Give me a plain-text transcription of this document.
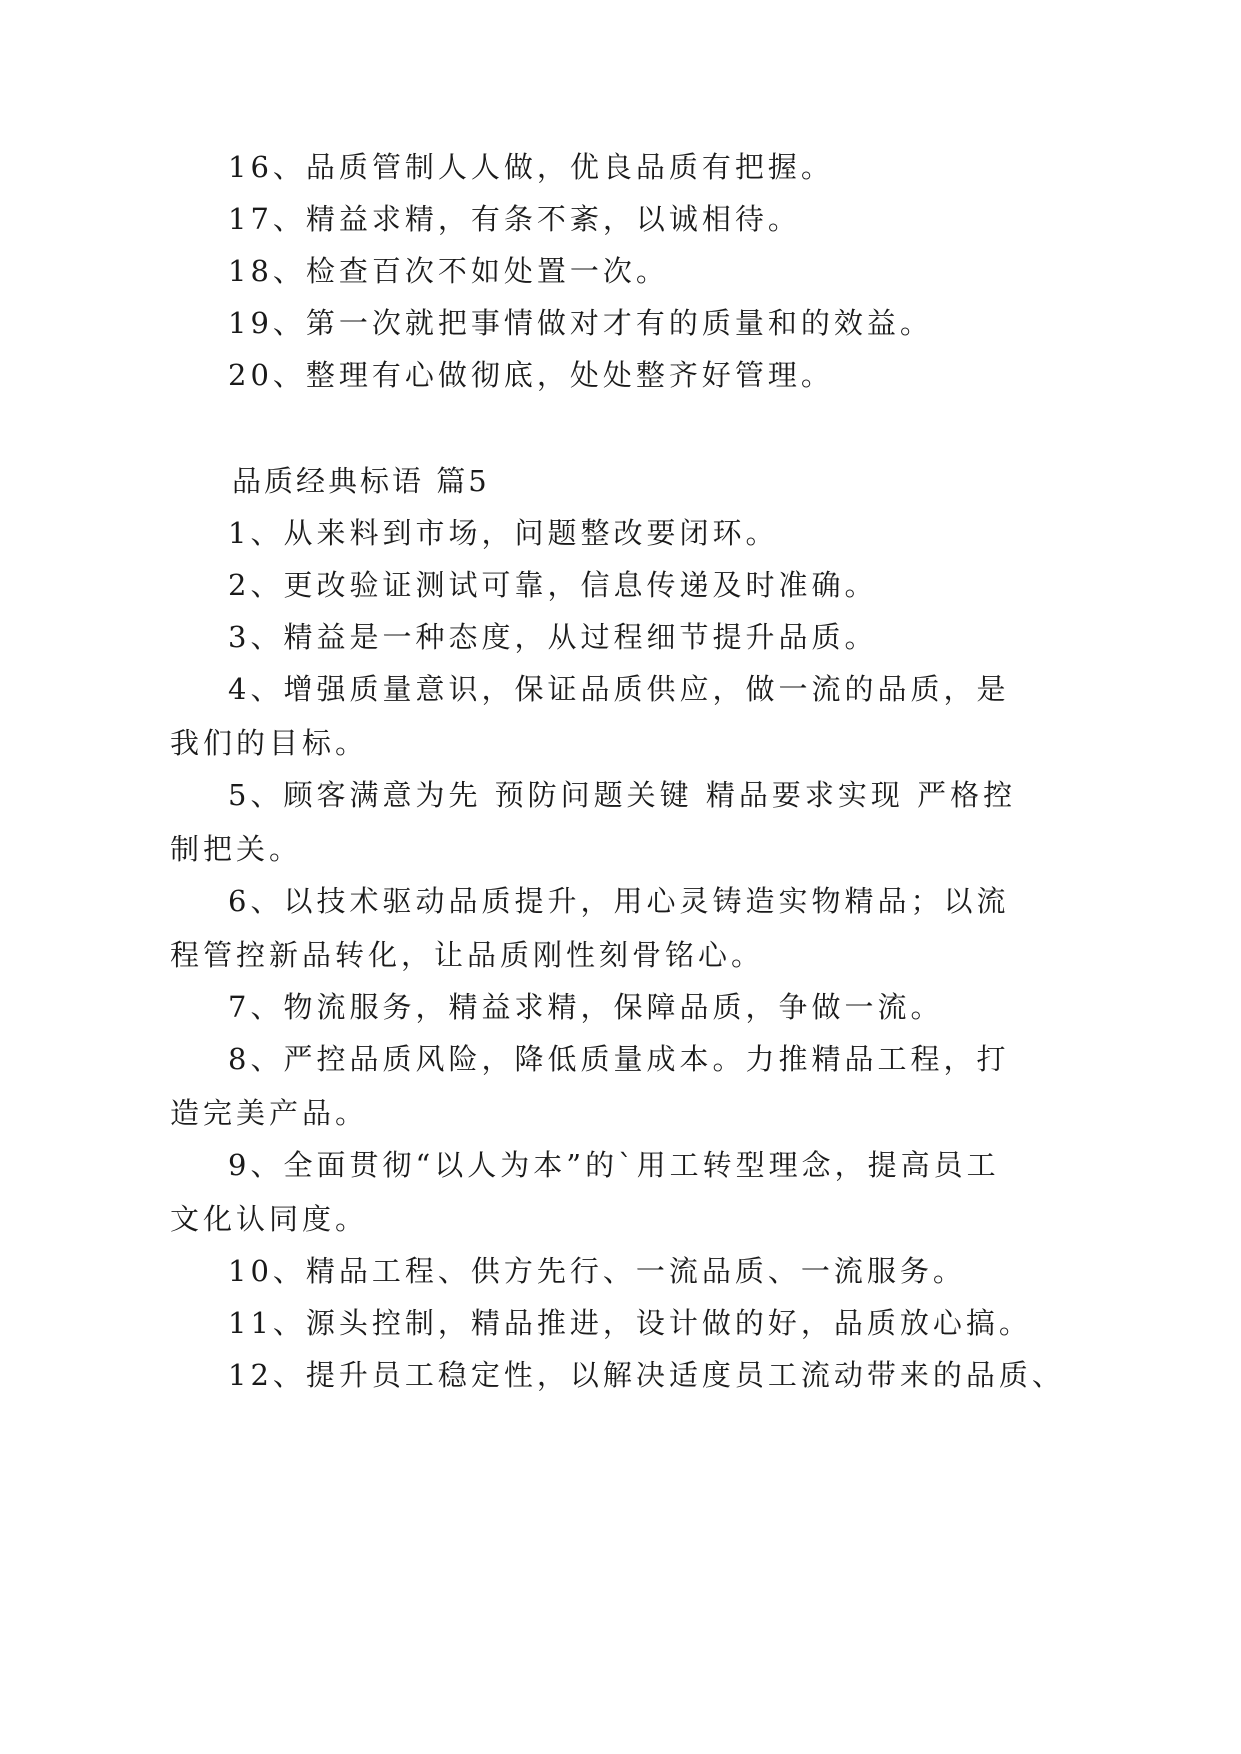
16、品质管制人人做，优良品质有把握。
17、精益求精，有条不紊，以诚相待。
18、检查百次不如处置一次。
19、第一次就把事情做对才有的质量和的效益。
20、整理有心做彻底，处处整齐好管理。
品质经典标语 篇5
1、从来料到市场，问题整改要闭环。
2、更改验证测试可靠，信息传递及时准确。
3、精益是一种态度，从过程细节提升品质。
4、增强质量意识，保证品质供应，做一流的品质，是
我们的目标。
5、顾客满意为先 预防问题关键 精品要求实现 严格控
制把关。
6、以技术驱动品质提升，用心灵铸造实物精品；以流
程管控新品转化，让品质刚性刻骨铭心。
7、物流服务，精益求精，保障品质，争做一流。
8、严控品质风险，降低质量成本。力推精品工程，打
造完美产品。
9、全面贯彻“以人为本”的`用工转型理念，提高员工
文化认同度。
10、精品工程、供方先行、一流品质、一流服务。
11、源头控制，精品推进，设计做的好，品质放心搞。
12、提升员工稳定性，以解决适度员工流动带来的品质、
